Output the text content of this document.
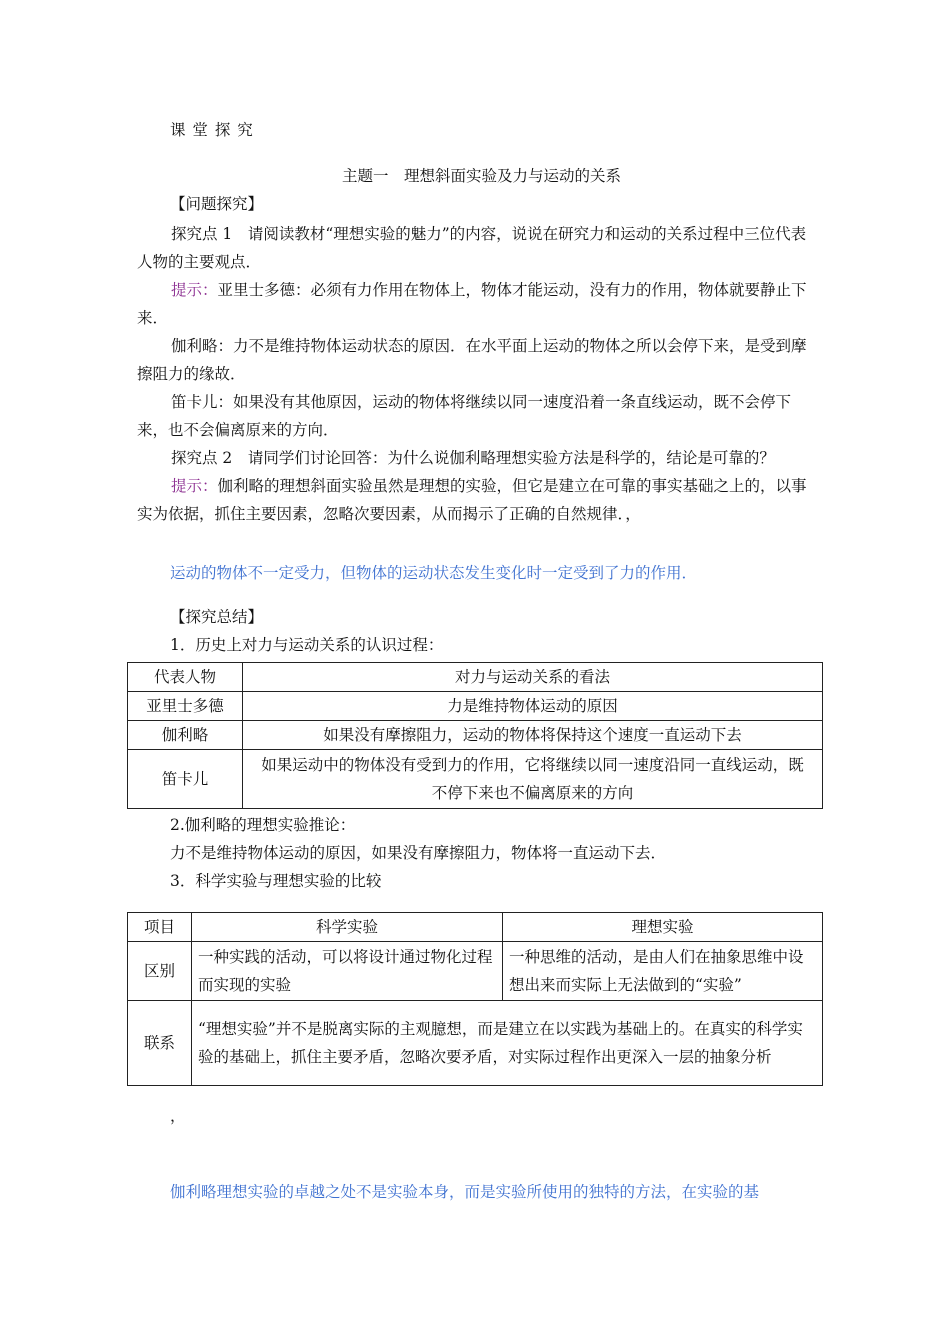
课 堂 探 究
主题一　理想斜面实验及力与运动的关系
【问题探究】
探究点 1　 请阅读教材“理想实验的魅力”的内容，说说在研究力和运动的关系过程中三位代表人物的主要观点．
提示：亚里士多德：必须有力作用在物体上，物体才能运动，没有力的作用，物体就要静止下来．
伽利略：力不是维持物体运动状态的原因．在水平面上运动的物体之所以会停下来，是受到摩擦阻力的缘故．
笛卡儿：如果没有其他原因，运动的物体将继续以同一速度沿着一条直线运动，既不会停下来，也不会偏离原来的方向．
探究点 2　 请同学们讨论回答：为什么说伽利略理想实验方法是科学的，结论是可靠的？
提示：伽利略的理想斜面实验虽然是理想的实验，但它是建立在可靠的事实基础之上的，以事实为依据，抓住主要因素，忽略次要因素，从而揭示了正确的自然规律．，
运动的物体不一定受力，但物体的运动状态发生变化时一定受到了力的作用．
【探究总结】
1．历史上对力与运动关系的认识过程：
代表人物	对力与运动关系的看法
亚里士多德	力是维持物体运动的原因
伽利略	如果没有摩擦阻力，运动的物体将保持这个速度一直运动下去
笛卡儿	如果运动中的物体没有受到力的作用，它将继续以同一速度沿同一直线运动，既不停下来也不偏离原来的方向
2.伽利略的理想实验推论：
力不是维持物体运动的原因，如果没有摩擦阻力，物体将一直运动下去．
3．科学实验与理想实验的比较
项目	科学实验	理想实验
区别	一种实践的活动，可以将设计通过物化过程而实现的实验	一种思维的活动，是由人们在抽象思维中设想出来而实际上无法做到的“实验”
联系	“理想实验”并不是脱离实际的主观臆想，而是建立在以实践为基础上的。在真实的科学实验的基础上，抓住主要矛盾，忽略次要矛盾，对实际过程作出更深入一层的抽象分析	
，
伽利略理想实验的卓越之处不是实验本身，而是实验所使用的独特的方法，在实验的基
